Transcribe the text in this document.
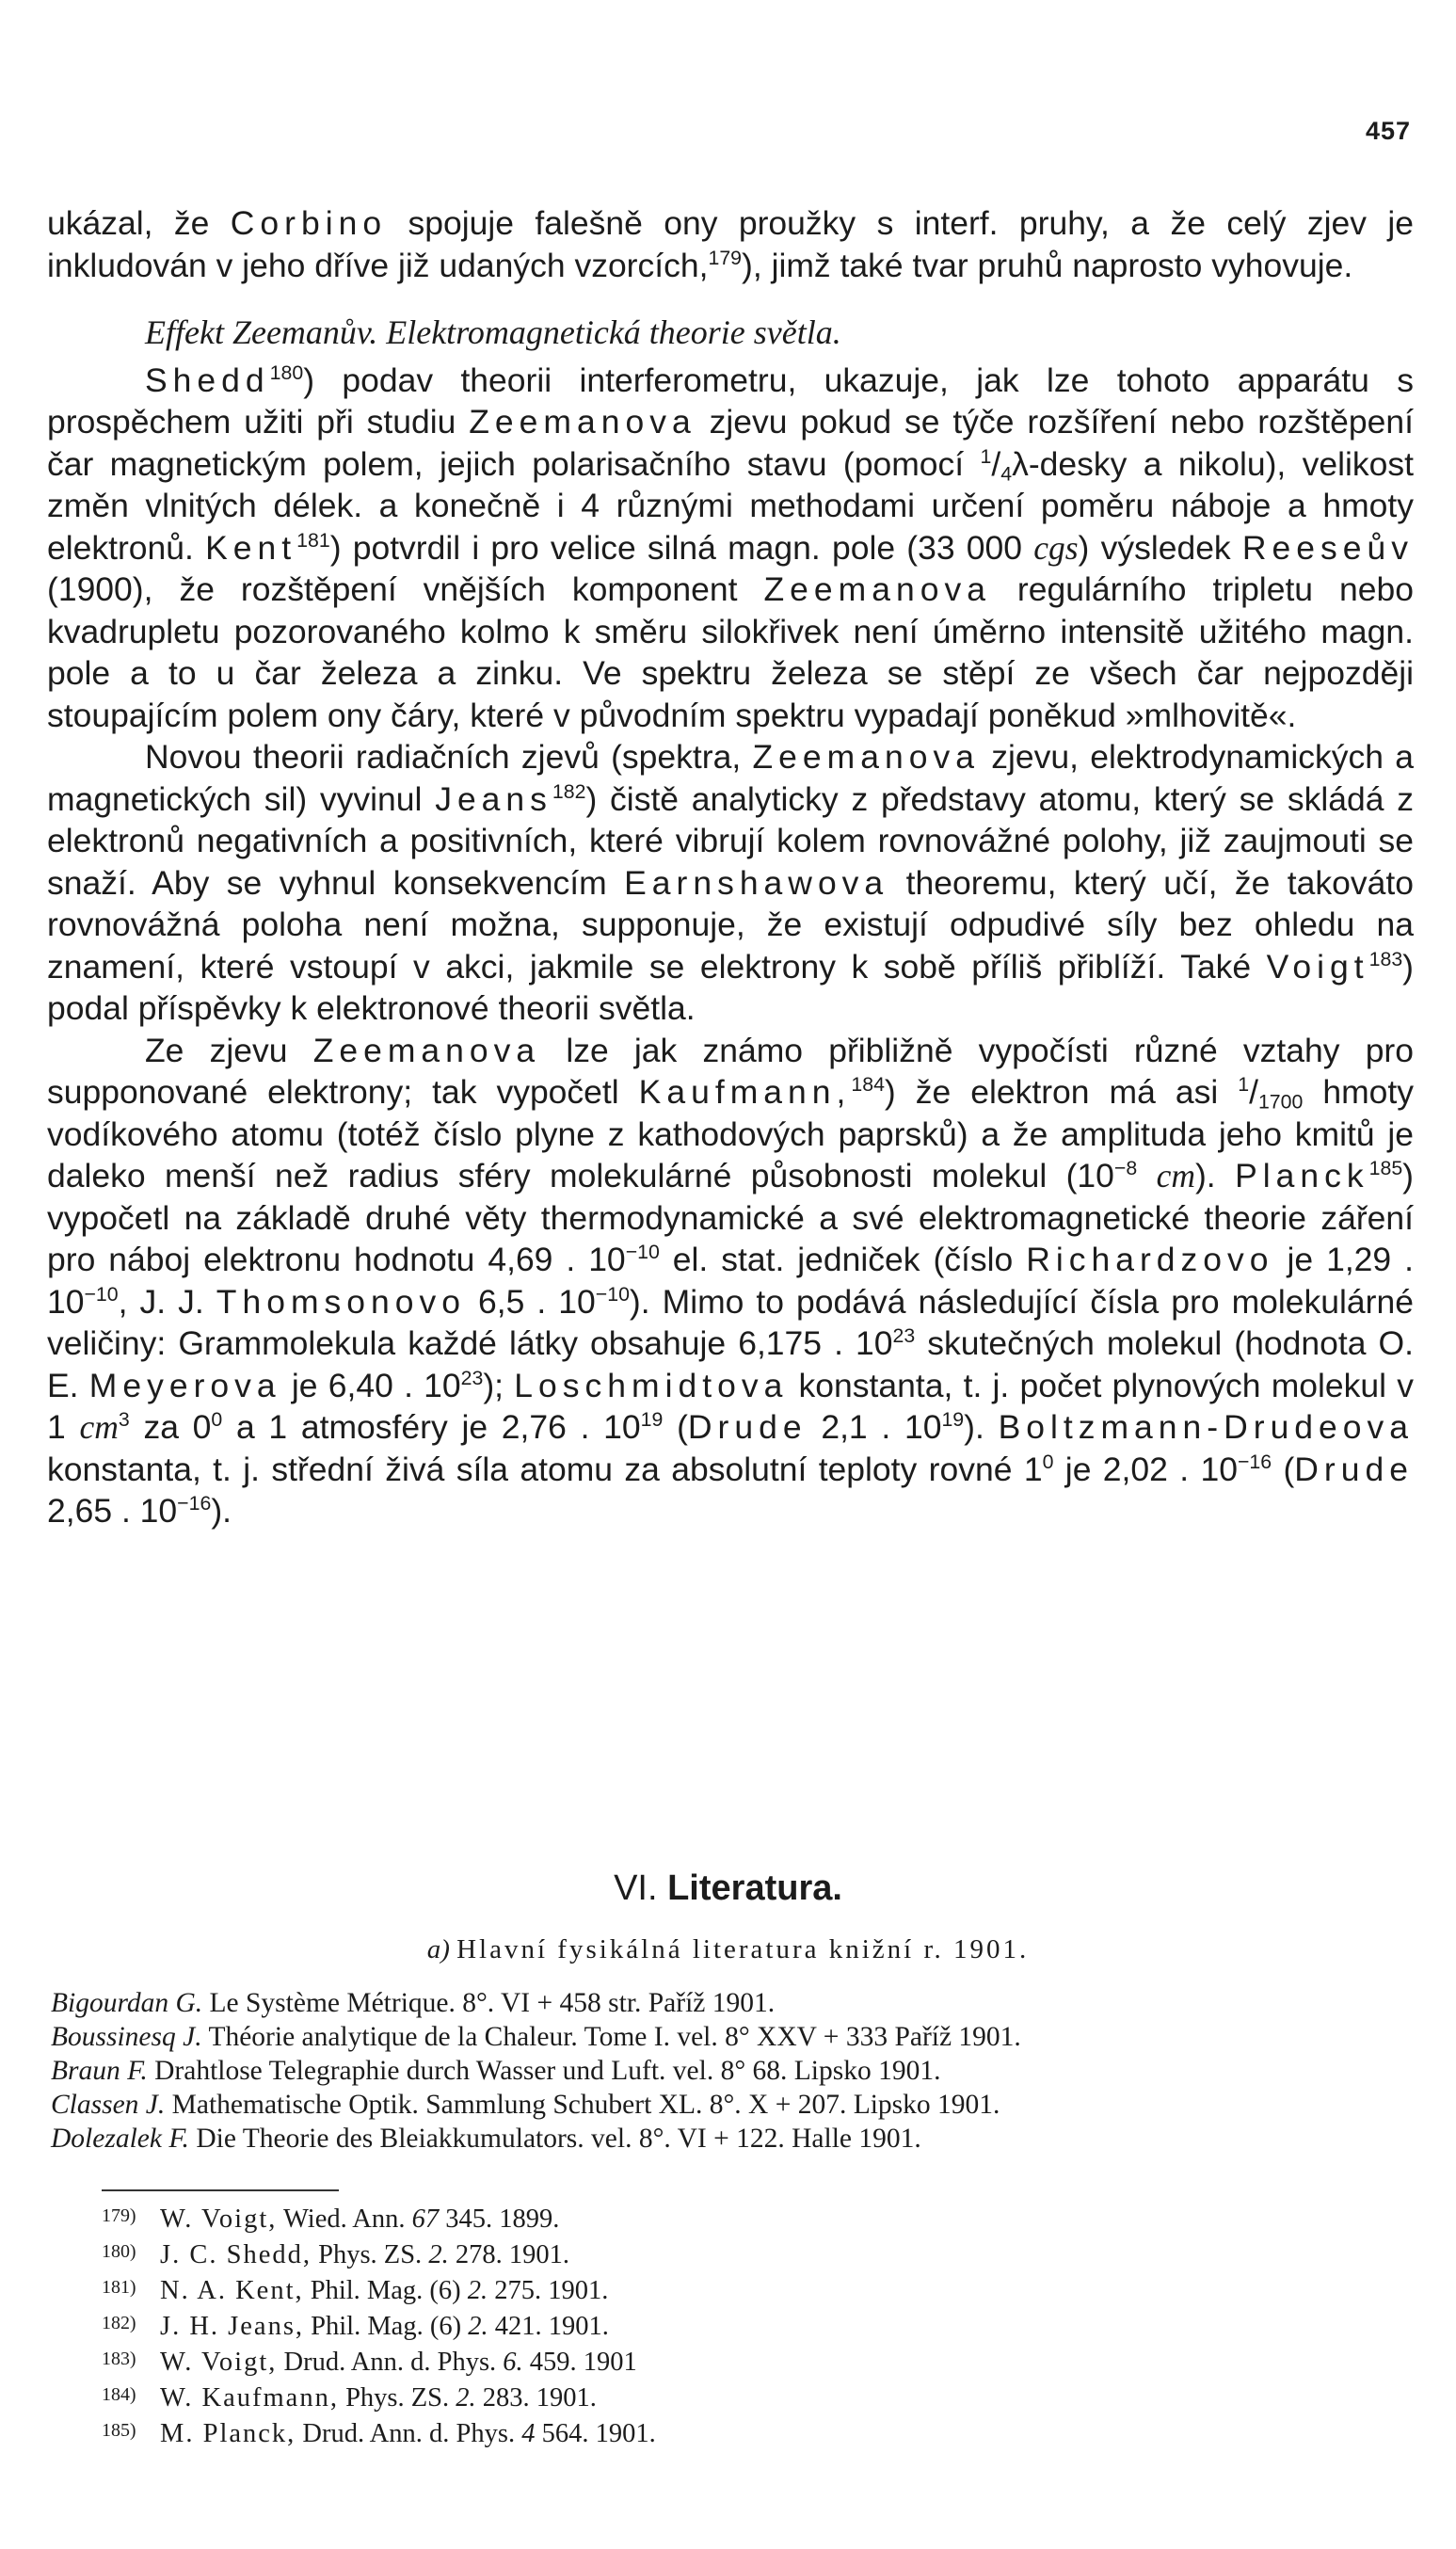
457

ukázal, že Corbino spojuje falešně ony proužky s interf. pruhy, a že celý zjev je inkludován v jeho dříve již udaných vzorcích,$^{179}$), jimž také tvar pruhů naprosto vyhovuje.

Effekt Zeemanův. Elektromagnetická theorie světla.

Shedd$^{180}$) podav theorii interferometru, ukazuje, jak lze tohoto apparátu s prospěchem užiti při studiu Zeemanova zjevu pokud se týče rozšíření nebo rozštěpení čar magnetickým polem, jejich polarisačního stavu (pomocí $^1/_4\lambda$-desky a nikolu), velikost změn vlnitých délek. a konečně i 4 různými methodami určení poměru náboje a hmoty elektronů. Kent$^{181}$) potvrdil i pro velice silná magn. pole (33 000 cgs) výsledek Reeseův (1900), že rozštěpení vnějších komponent Zeemanova regulárního tripletu nebo kvadrupletu pozorovaného kolmo k směru silokřivek není úměrno intensitě užitého magn. pole a to u čar železa a zinku. Ve spektru železa se stěpí ze všech čar nejpozději stoupajícím polem ony čáry, které v původním spektru vypadají poněkud »mlhovitě«.

Novou theorii radiačních zjevů (spektra, Zeemanova zjevu, elektrodynamických a magnetických sil) vyvinul Jeans$^{182}$) čistě analyticky z představy atomu, který se skládá z elektronů negativních a positivních, které vibrují kolem rovnovážné polohy, již zaujmouti se snaží. Aby se vyhnul konsekvencím Earnshawova theoremu, který učí, že takováto rovnovážná poloha není možna, supponuje, že existují odpudivé síly bez ohledu na znamení, které vstoupí v akci, jakmile se elektrony k sobě příliš přiblíží. Také Voigt$^{183}$) podal příspěvky k elektronové theorii světla.

Ze zjevu Zeemanova lze jak známo přibližně vypočísti různé vztahy pro supponované elektrony; tak vypočetl Kaufmann,$^{184}$) že elektron má asi $^1/_{1700}$ hmoty vodíkového atomu (totéž číslo plyne z kathodových paprsků) a že amplituda jeho kmitů je daleko menší než radius sféry molekulárné působnosti molekul ($10^{-8}$ cm). Planck$^{185}$) vypočetl na základě druhé věty thermodynamické a své elektromagnetické theorie záření pro náboj elektronu hodnotu 4,69 . $10^{-10}$ el. stat. jedniček (číslo Richardzovo je 1,29 . $10^{-10}$, J. J. Thomsonovo 6,5 . $10^{-10}$). Mimo to podává následující čísla pro molekulárné veličiny: Grammolekula každé látky obsahuje 6,175 . $10^{23}$ skutečných molekul (hodnota O. E. Meyerova je 6,40 . $10^{23}$); Loschmidtova konstanta, t. j. počet plynových molekul v 1 $cm^3$ za $0^0$ a 1 atmosféry je 2,76 . $10^{19}$ (Drude 2,1 . $10^{19}$). Boltzmann-Drudeova konstanta, t. j. střední živá síla atomu za absolutní teploty rovné $1^0$ je 2,02 . $10^{-16}$ (Drude 2,65 . $10^{-16}$).

VI. Literatura.
a) Hlavní fysikálná literatura knižní r. 1901.
Bigourdan G. Le Système Métrique. 8°. VI + 458 str. Paříž 1901.
Boussinesq J. Théorie analytique de la Chaleur. Tome I. vel. 8° XXV + 333 Paříž 1901.
Braun F. Drahtlose Telegraphie durch Wasser und Luft. vel. 8° 68. Lipsko 1901.
Classen J. Mathematische Optik. Sammlung Schubert XL. 8°. X + 207. Lipsko 1901.
Dolezalek F. Die Theorie des Bleiakkumulators. vel. 8°. VI + 122. Halle 1901.
179) W. Voigt, Wied. Ann. 67 345. 1899.
180) J. C. Shedd, Phys. ZS. 2. 278. 1901.
181) N. A. Kent, Phil. Mag. (6) 2. 275. 1901.
182) J. H. Jeans, Phil. Mag. (6) 2. 421. 1901.
183) W. Voigt, Drud. Ann. d. Phys. 6. 459. 1901
184) W. Kaufmann, Phys. ZS. 2. 283. 1901.
185) M. Planck, Drud. Ann. d. Phys. 4 564. 1901.
